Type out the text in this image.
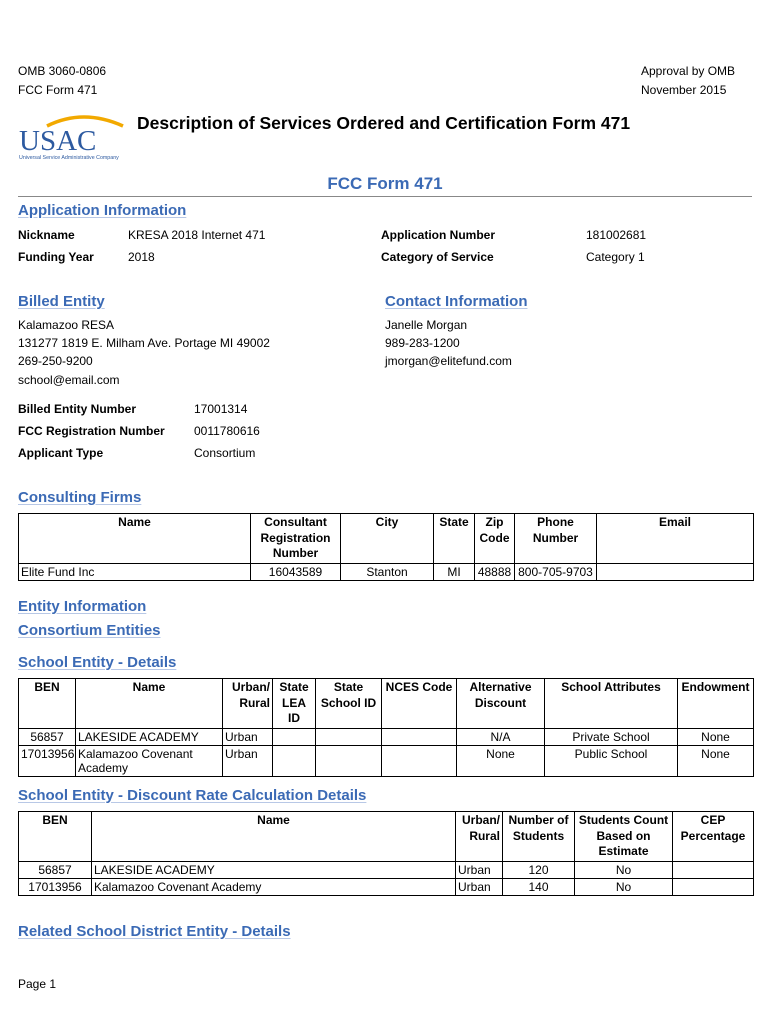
OMB 3060-0806
FCC Form 471
Approval by OMB
November 2015
USAC
Universal Service Administrative Company
Description of Services Ordered and Certification Form 471
FCC Form 471
Application Information
Nickname	KRESA 2018 Internet 471
Funding Year	2018
Application Number	181002681
Category of Service	Category 1
Billed Entity
Kalamazoo RESA
131277 1819 E. Milham Ave. Portage MI 49002
269-250-9200
school@email.com
Billed Entity Number	17001314
FCC Registration Number 0011780616
Applicant Type	Consortium
Contact Information
Janelle Morgan
989-283-1200
jmorgan@elitefund.com
Consulting Firms
Name	Consultant Registration Number	City	State	Zip Code	Phone Number	Email
Elite Fund Inc	16043589	Stanton	MI	48888	800-705-9703	
Entity Information
Consortium Entities
School Entity - Details
BEN	Name	Urban/ Rural	State LEA ID	State School ID	NCES Code	Alternative Discount	School Attributes	Endowment
56857	LAKESIDE ACADEMY	Urban				N/A	Private School	None
17013956	Kalamazoo Covenant Academy	Urban				None	Public School	None
School Entity - Discount Rate Calculation Details
BEN	Name	Urban/ Rural	Number of Students	Students Count Based on Estimate	CEP Percentage
56857	LAKESIDE ACADEMY	Urban	120	No	
17013956	Kalamazoo Covenant Academy	Urban	140	No	
Related School District Entity - Details
Page 1
